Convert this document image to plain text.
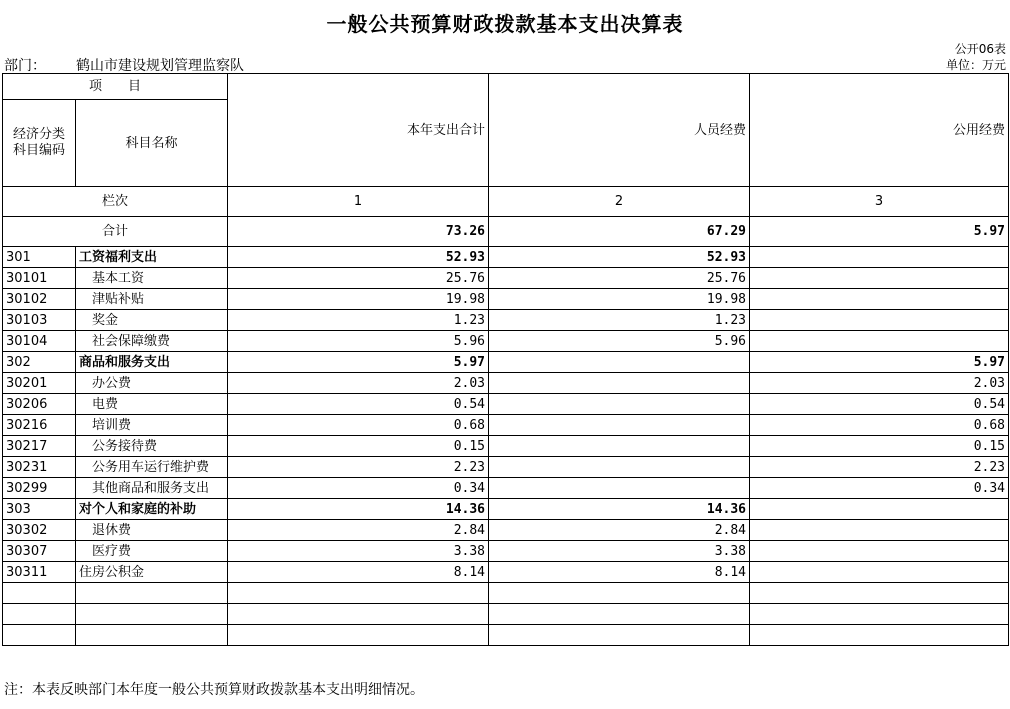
一般公共预算财政拨款基本支出决算表
公开06表
部门： 鹤山市建设规划管理监察队	单位：万元
项　　目		本年支出合计	人员经费	公用经费
经济分类
科目编码	科目名称			
栏次		1	2	3
合计		73.26	67.29	5.97
301	工资福利支出	52.93	52.93	
30101	基本工资	25.76	25.76	
30102	津贴补贴	19.98	19.98	
30103	奖金	1.23	1.23	
30104	社会保障缴费	5.96	5.96	
302	商品和服务支出	5.97		5.97
30201	办公费	2.03		2.03
30206	电费	0.54		0.54
30216	培训费	0.68		0.68
30217	公务接待费	0.15		0.15
30231	公务用车运行维护费	2.23		2.23
30299	其他商品和服务支出	0.34		0.34
303	对个人和家庭的补助	14.36	14.36	
30302	退休费	2.84	2.84	
30307	医疗费	3.38	3.38	
30311	住房公积金	8.14	8.14	

注：本表反映部门本年度一般公共预算财政拨款基本支出明细情况。
